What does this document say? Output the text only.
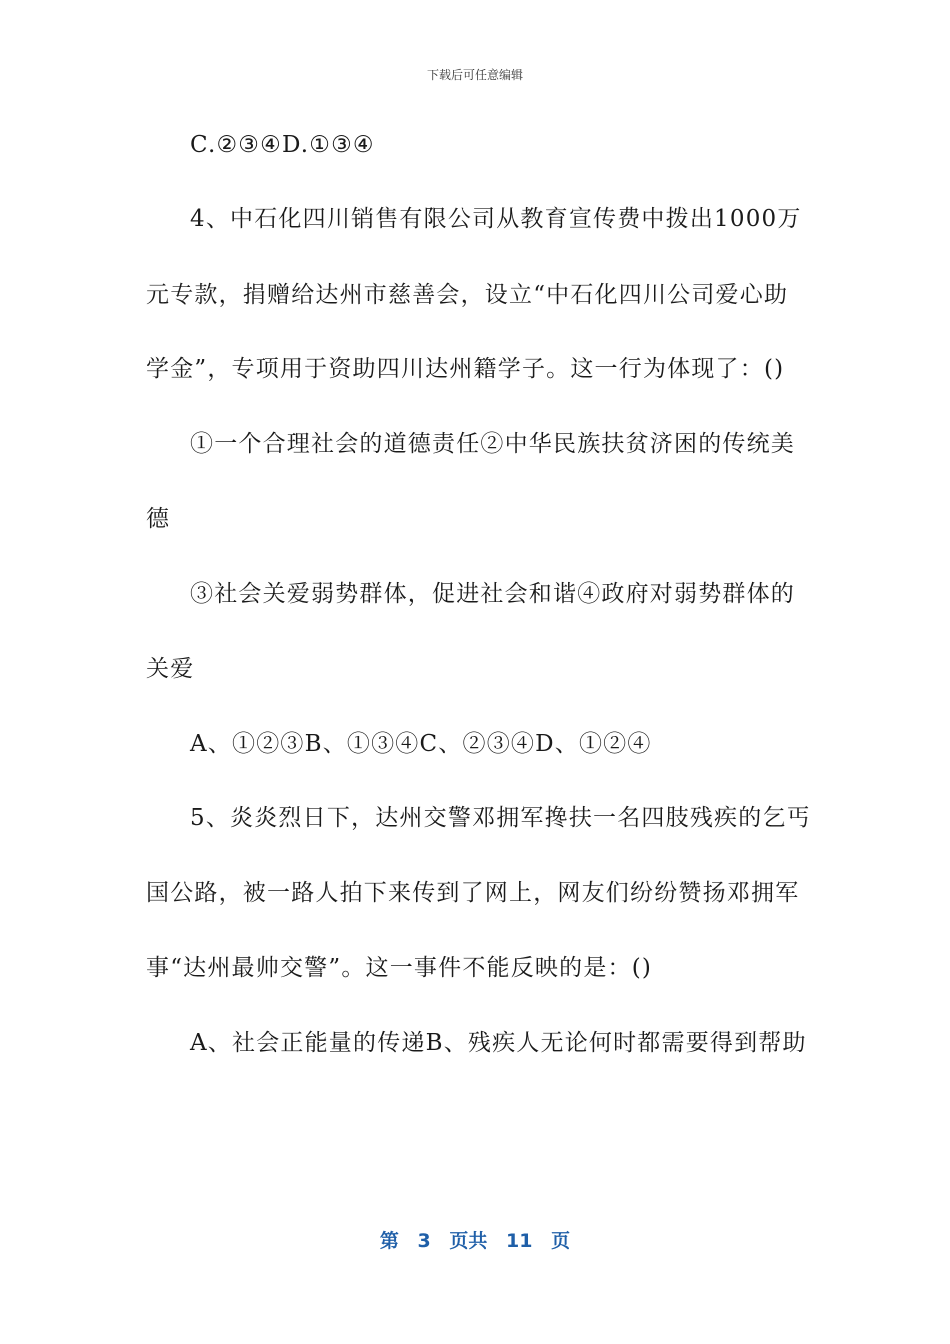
下载后可任意编辑
C.②③④D.①③④
4、中石化四川销售有限公司从教育宣传费中拨出1000万
元专款，捐赠给达州市慈善会，设立“中石化四川公司爱心助
学金”，专项用于资助四川达州籍学子。这一行为体现了：()
①一个合理社会的道德责任②中华民族扶贫济困的传统美
德
③社会关爱弱势群体，促进社会和谐④政府对弱势群体的
关爱
A、①②③B、①③④C、②③④D、①②④
5、炎炎烈日下，达州交警邓拥军搀扶一名四肢残疾的乞丐
国公路，被一路人拍下来传到了网上，网友们纷纷赞扬邓拥军
事“达州最帅交警”。这一事件不能反映的是：()
A、社会正能量的传递B、残疾人无论何时都需要得到帮助
第 3 页共 11 页
